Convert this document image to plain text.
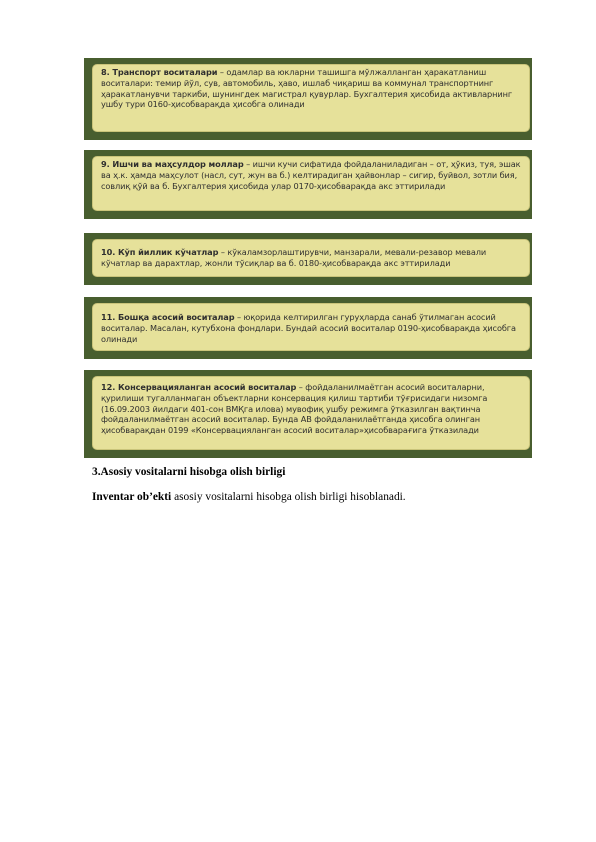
8. Транспорт воситалари – одамлар ва юкларни ташишга мўлжалланган ҳаракатланиш воситалари: темир йўл, сув, автомобиль, ҳаво, ишлаб чиқариш ва коммунал транспортнинг ҳаракатланувчи таркиби, шунингдек магистрал қувурлар. Бухгалтерия ҳисобида активларнинг ушбу тури 0160-ҳисобварақда ҳисобга олинади
9. Ишчи ва маҳсулдор моллар – ишчи кучи сифатида фойдаланиладиган – от, ҳўкиз, туя, эшак ва ҳ.к. ҳамда маҳсулот (насл, сут, жун ва б.) келтирадиган ҳайвонлар – сигир, буйвол, зотли бия, совлиқ қўй ва б. Бухгалтерия ҳисобида улар 0170-ҳисобварақда акс эттирилади
10. Кўп йиллик кўчатлар – кўкаламзорлаштирувчи, манзарали, мевали-резавор мевали кўчатлар ва дарахтлар, жонли тўсиқлар ва б. 0180-ҳисобварақда акс эттирилади
11. Бошқа асосий воситалар – юқорида келтирилган гуруҳларда санаб ўтилмаган асосий воситалар. Масалан, кутубхона фондлари. Бундай асосий воситалар 0190-ҳисобварақда ҳисобга олинади
12. Консервацияланган асосий воситалар – фойдаланилмаётган асосий воситаларни, қурилиши тугалланмаган объектларни консервация қилиш тартиби тўғрисидаги низомга (16.09.2003 йилдаги 401-сон ВМҚга илова) мувофиқ ушбу режимга ўтказилган вақтинча фойдаланилмаётган асосий воситалар. Бунда АВ фойдаланилаётганда ҳисобга олинган ҳисобварақдан 0199 «Консервацияланган асосий воситалар»ҳисобварағига ўтказилади
3.Asosiy vositalarni hisobga olish birligi
Inventar ob’ekti asosiy vositalarni hisobga olish birligi hisoblanadi.
